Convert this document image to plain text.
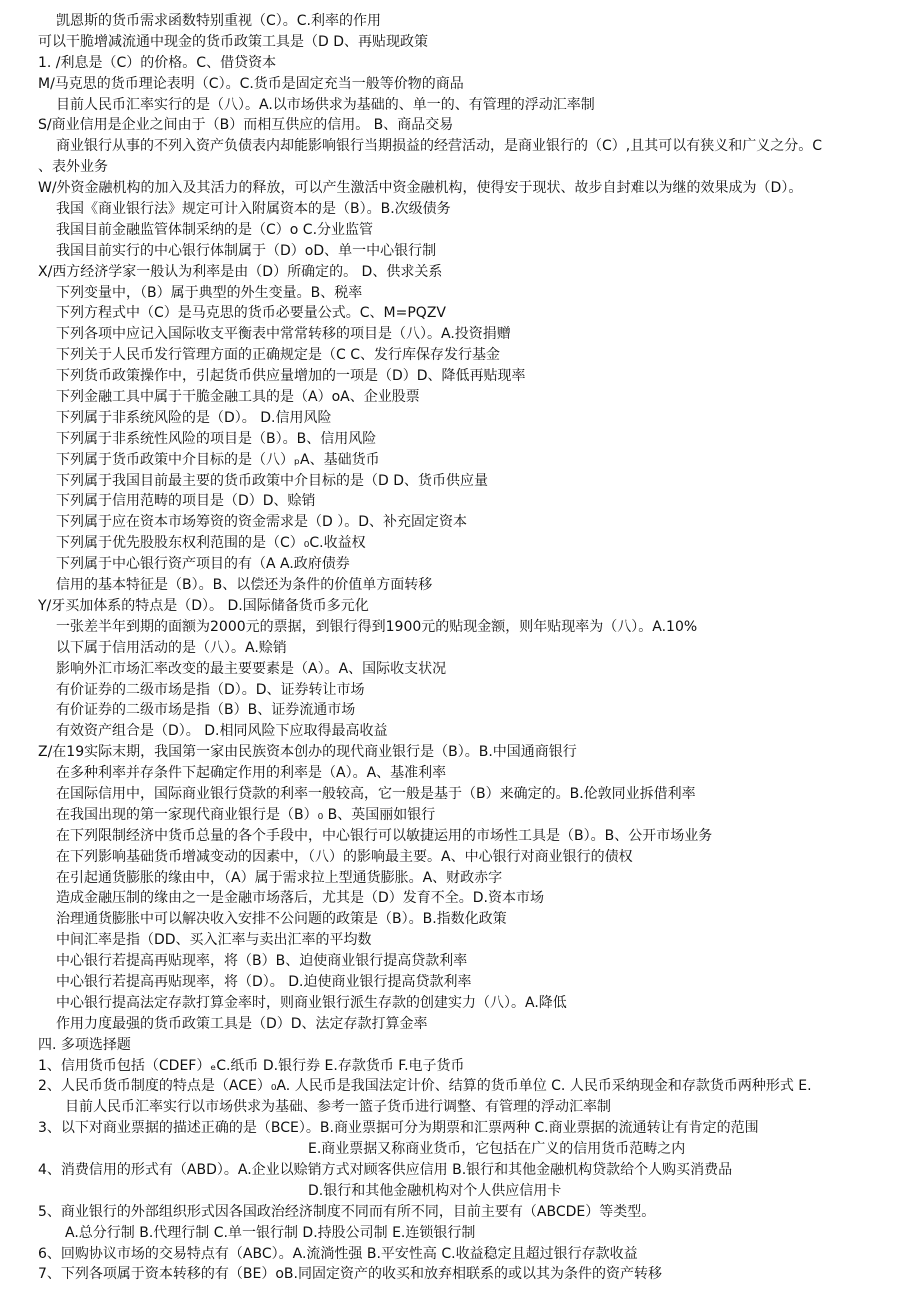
凯恩斯的货币需求函数特别重视（C）。C.利率的作用
可以干脆增减流通中现金的货币政策工具是（D D、再贴现政策
1. /利息是（C）的价格。C、借贷资本
M/马克思的货币理论表明（C）。C.货币是固定充当一般等价物的商品
目前人民币汇率实行的是（八）。A.以市场供求为基础的、单一的、有管理的浮动汇率制
S/商业信用是企业之间由于（B）而相互供应的信用。 B、商品交易
商业银行从事的不列入资产负债表内却能影响银行当期损益的经营活动，是商业银行的（C）,且其可以有狭义和广义之分。C
、表外业务
W/外资金融机构的加入及其活力的释放，可以产生激活中资金融机构，使得安于现状、故步自封难以为继的效果成为（D）。
我国《商业银行法》规定可计入附属资本的是（B）。B.次级债务
我国目前金融监管体制采纳的是（C）o C.分业监管
我国目前实行的中心银行体制属于（D）oD、单一中心银行制
X/西方经济学家一般认为利率是由（D）所确定的。 D、供求关系
下列变量中，（B）属于典型的外生变量。B、税率
下列方程式中（C）是马克思的货币必要量公式。C、M=PQZV
下列各项中应记入国际收支平衡表中常常转移的项目是（八）。A.投资捐赠
下列关于人民币发行管理方面的正确规定是（C C、发行库保存发行基金
下列货币政策操作中，引起货币供应量增加的一项是（D）D、降低再贴现率
下列金融工具中属于干脆金融工具的是（A）oA、企业股票
下列属于非系统风险的是（D）。 D.信用风险
下列属于非系统性风险的项目是（B）。B、信用风险
下列属于货币政策中介目标的是（八）ₚA、基础货币
下列属于我国目前最主要的货币政策中介目标的是（D D、货币供应量
下列属于信用范畴的项目是（D）D、赊销
下列属于应在资本市场筹资的资金需求是（D ）。D、补充固定资本
下列属于优先股股东权利范围的是（C）₀C.收益权
下列属于中心银行资产项目的有（A A.政府债券
信用的基本特征是（B）。B、以偿还为条件的价值单方面转移
Y/牙买加体系的特点是（D）。 D.国际储备货币多元化
一张差半年到期的面额为2000元的票据，到银行得到1900元的贴现金额，则年贴现率为（八）。A.10%
以下属于信用活动的是（八）。A.赊销
影响外汇市场汇率改变的最主要要素是（A）。A、国际收支状况
有价证券的二级市场是指（D）。D、证券转让市场
有价证券的二级市场是指（B）B、证券流通市场
有效资产组合是（D）。 D.相同风险下应取得最高收益
Z/在19实际末期，我国第一家由民族资本创办的现代商业银行是（B）。B.中国通商银行
在多种利率并存条件下起确定作用的利率是（A）。A、基准利率
在国际信用中，国际商业银行贷款的利率一般较高，它一般是基于（B）来确定的。B.伦敦同业拆借利率
在我国出现的第一家现代商业银行是（B）₀ B、英国丽如银行
在下列限制经济中货币总量的各个手段中，中心银行可以敏捷运用的市场性工具是（B）。B、公开市场业务
在下列影响基础货币增减变动的因素中，（八）的影响最主要。A、中心银行对商业银行的债权
在引起通货膨胀的缘由中，（A）属于需求拉上型通货膨胀。A、财政赤字
造成金融压制的缘由之一是金融市场落后，尤其是（D）发育不全。D.资本市场
治理通货膨胀中可以解决收入安排不公问题的政策是（B）。B.指数化政策
中间汇率是指（DD、买入汇率与卖出汇率的平均数
中心银行若提高再贴现率，将（B）B、迫使商业银行提高贷款利率
中心银行若提高再贴现率，将（D）。 D.迫使商业银行提高贷款利率
中心银行提高法定存款打算金率时，则商业银行派生存款的创建实力（八）。A.降低
作用力度最强的货币政策工具是（D）D、法定存款打算金率
四. 多项选择题
1、信用货币包括（CDEF）ₑC.纸币 D.银行券 E.存款货币 F.电子货币
2、人民币货币制度的特点是（ACE）₀A. 人民币是我国法定计价、结算的货币单位 C. 人民币采纳现金和存款货币两种形式 E.
目前人民币汇率实行以市场供求为基础、参考一篮子货币进行调整、有管理的浮动汇率制
3、以下对商业票据的描述正确的是（BCE）。B.商业票据可分为期票和汇票两种 C.商业票据的流通转让有肯定的范围
E.商业票据又称商业货币，它包括在广义的信用货币范畴之内
4、消费信用的形式有（ABD）。A.企业以赊销方式对顾客供应信用 B.银行和其他金融机构贷款给个人购买消费品
D.银行和其他金融机构对个人供应信用卡
5、商业银行的外部组织形式因各国政治经济制度不同而有所不同，目前主要有（ABCDE）等类型。
A.总分行制 B.代理行制 C.单一银行制 D.持股公司制 E.连锁银行制
6、回购协议市场的交易特点有（ABC）。A.流淌性强 B.平安性高 C.收益稳定且超过银行存款收益
7、下列各项属于资本转移的有（BE）oB.同固定资产的收买和放弃相联系的或以其为条件的资产转移
